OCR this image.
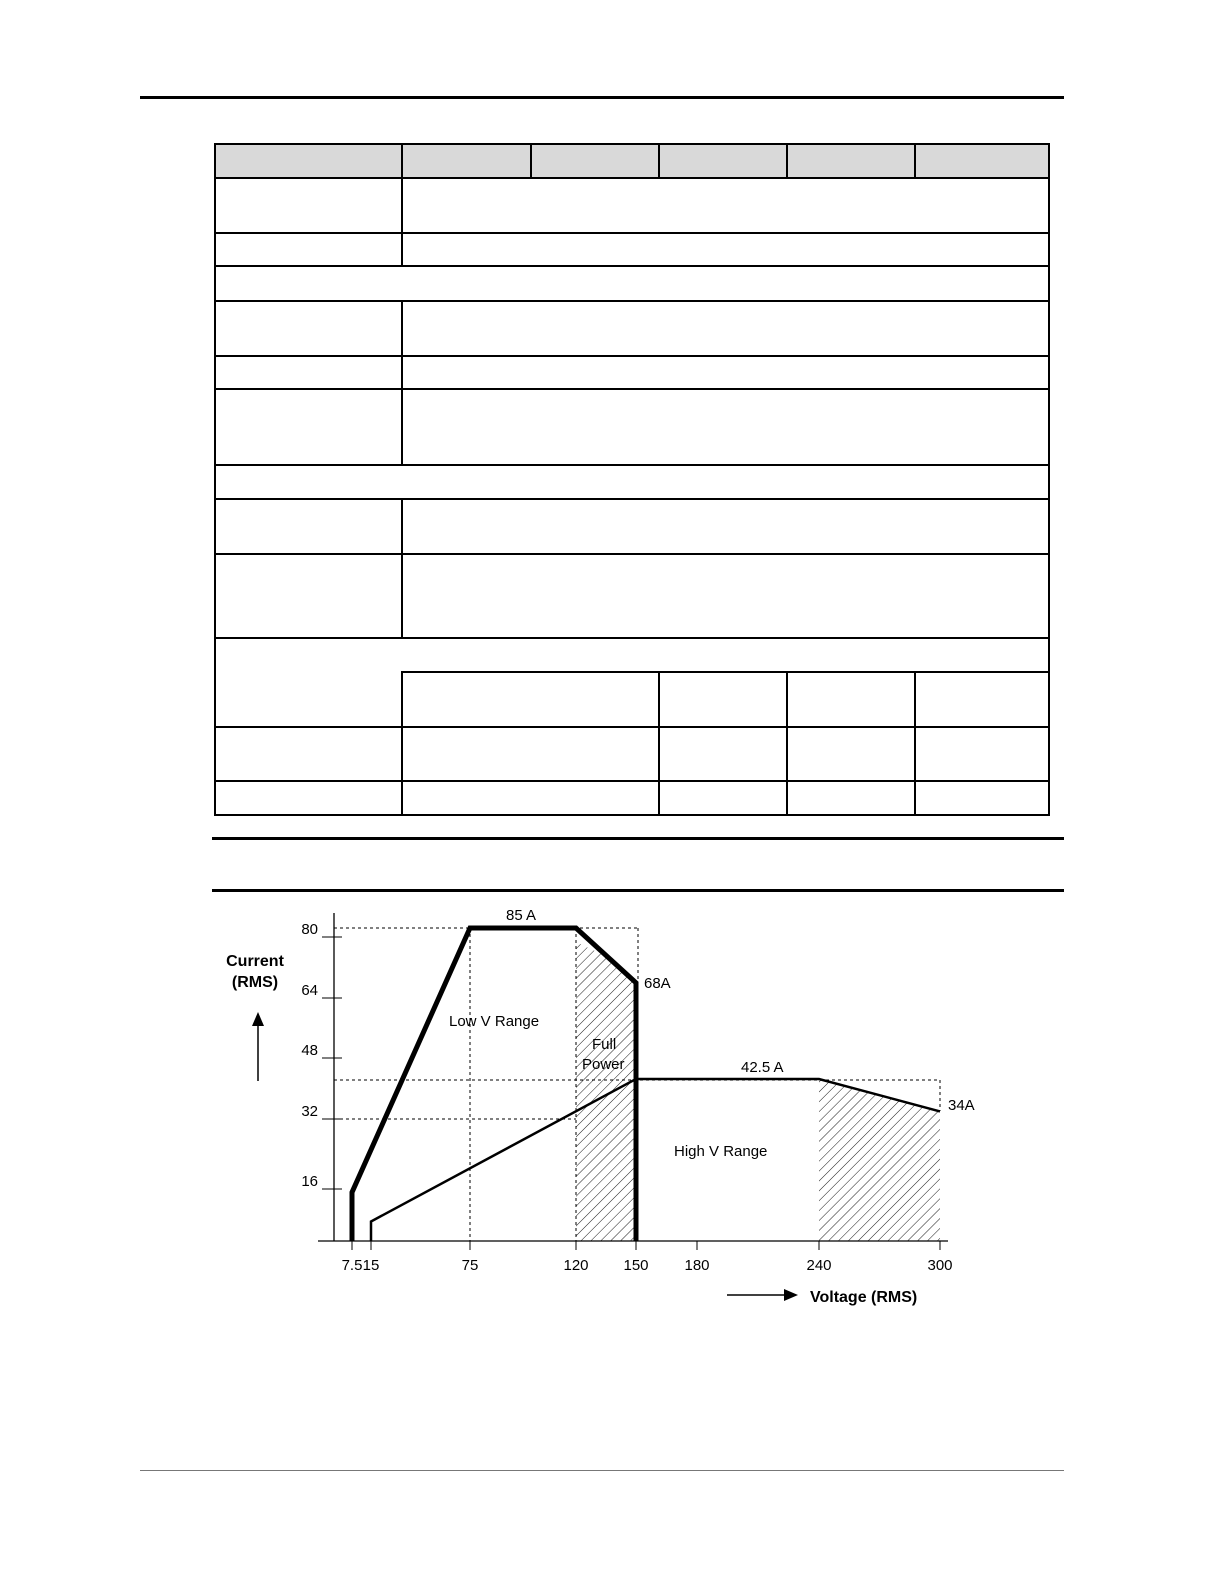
7.5 15	75	120 150 180	240	300
16
32
48
64
80
85 A
68A
42.5 A
34A
Low V Range
Full
Power
High V Range
Current
(RMS)
Voltage (RMS)
